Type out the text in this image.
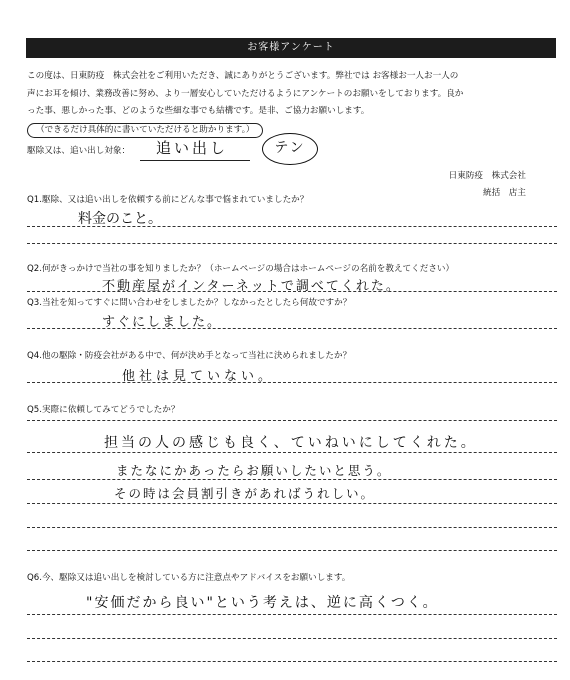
お客様アンケート

この度は、日東防疫　株式会社をご利用いただき、誠にありがとうございます。弊社では お客様お一人お一人の

声にお耳を傾け、業務改善に努め、より一層安心していただけるようにアンケートのお願いをしております。良か

った事、悪しかった事、どのような些細な事でも結構です。是非、ご協力お願いします。

（できるだけ具体的に書いていただけると助かります。）
駆除又は、追い出し対象： 追い出し	テン
日東防疫　株式会社
統括　店主
Q1.駆除、又は追い出しを依頼する前にどんな事で悩まれていましたか？
料金のこと。
Q2.何がきっかけで当社の事を知りましたか？（ホームページの場合はホームページの名前を教えてください）
不動産屋がインターネットで調べてくれた。
Q3.当社を知ってすぐに問い合わせをしましたか？しなかったとしたら何故ですか？
すぐにしました。
Q4.他の駆除・防疫会社がある中で、何が決め手となって当社に決められましたか？
他社は見ていない。
Q5.実際に依頼してみてどうでしたか？
担当の人の感じも良く、ていねいにしてくれた。
またなにかあったらお願いしたいと思う。
その時は会員割引きがあればうれしい。
Q6.今、駆除又は追い出しを検討している方に注意点やアドバイスをお願いします。
"安価だから良い"という考えは、逆に高くつく。
